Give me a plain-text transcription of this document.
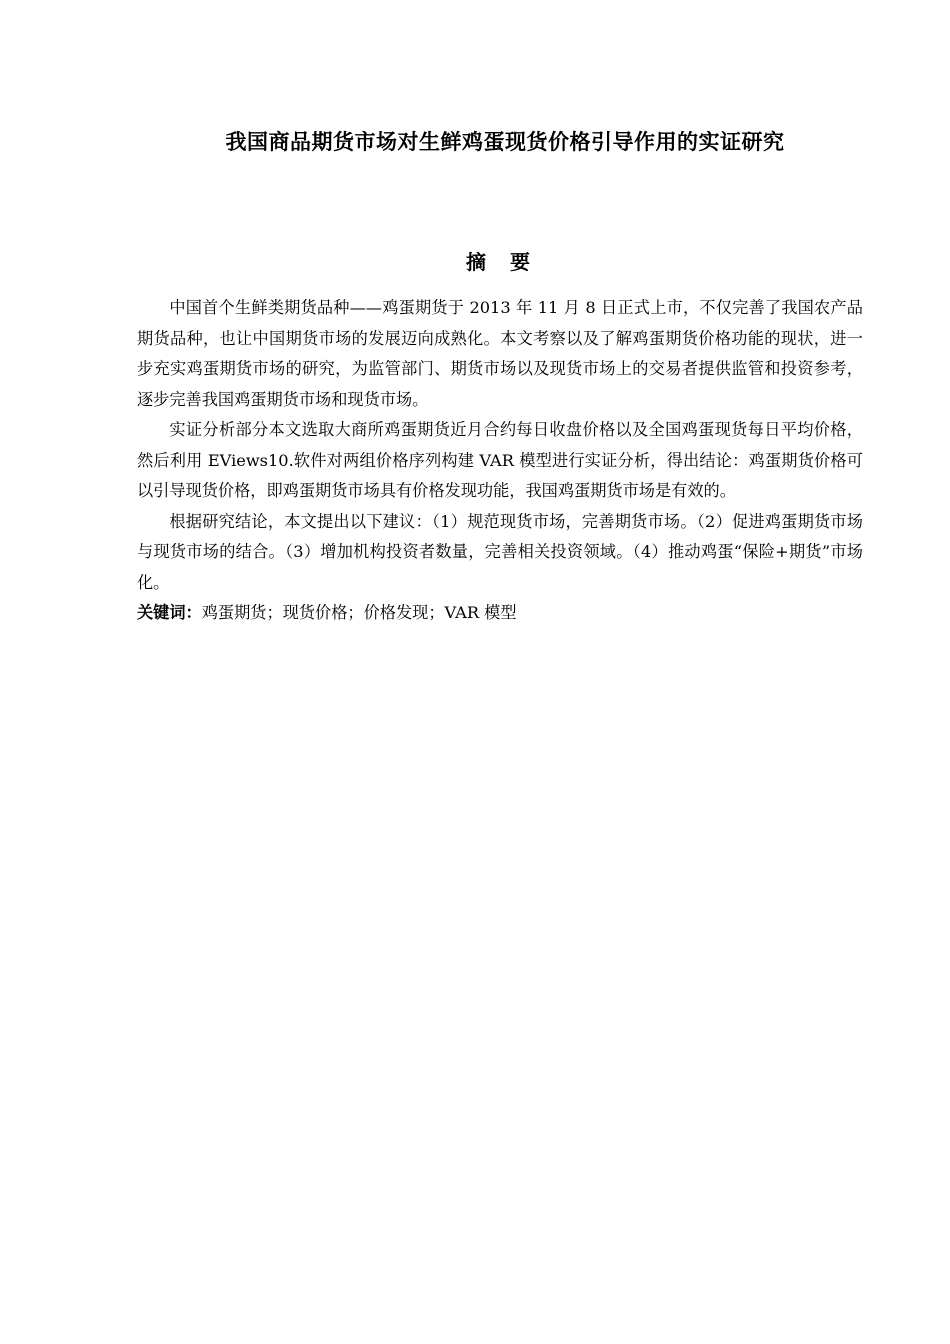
我国商品期货市场对生鲜鸡蛋现货价格引导作用的实证研究
摘 要

中国首个生鲜类期货品种——鸡蛋期货于 2013 年 11 月 8 日正式上市，不仅完善了我国农产品期货品种，也让中国期货市场的发展迈向成熟化。本文考察以及了解鸡蛋期货价格功能的现状，进一步充实鸡蛋期货市场的研究，为监管部门、期货市场以及现货市场上的交易者提供监管和投资参考，逐步完善我国鸡蛋期货市场和现货市场。

实证分析部分本文选取大商所鸡蛋期货近月合约每日收盘价格以及全国鸡蛋现货每日平均价格，然后利用 EViews10.软件对两组价格序列构建 VAR 模型进行实证分析，得出结论：鸡蛋期货价格可以引导现货价格，即鸡蛋期货市场具有价格发现功能，我国鸡蛋期货市场是有效的。

根据研究结论，本文提出以下建议：（1）规范现货市场，完善期货市场。（2）促进鸡蛋期货市场与现货市场的结合。（3）增加机构投资者数量，完善相关投资领域。（4）推动鸡蛋“保险+期货”市场化。

关键词：鸡蛋期货；现货价格；价格发现；VAR 模型
